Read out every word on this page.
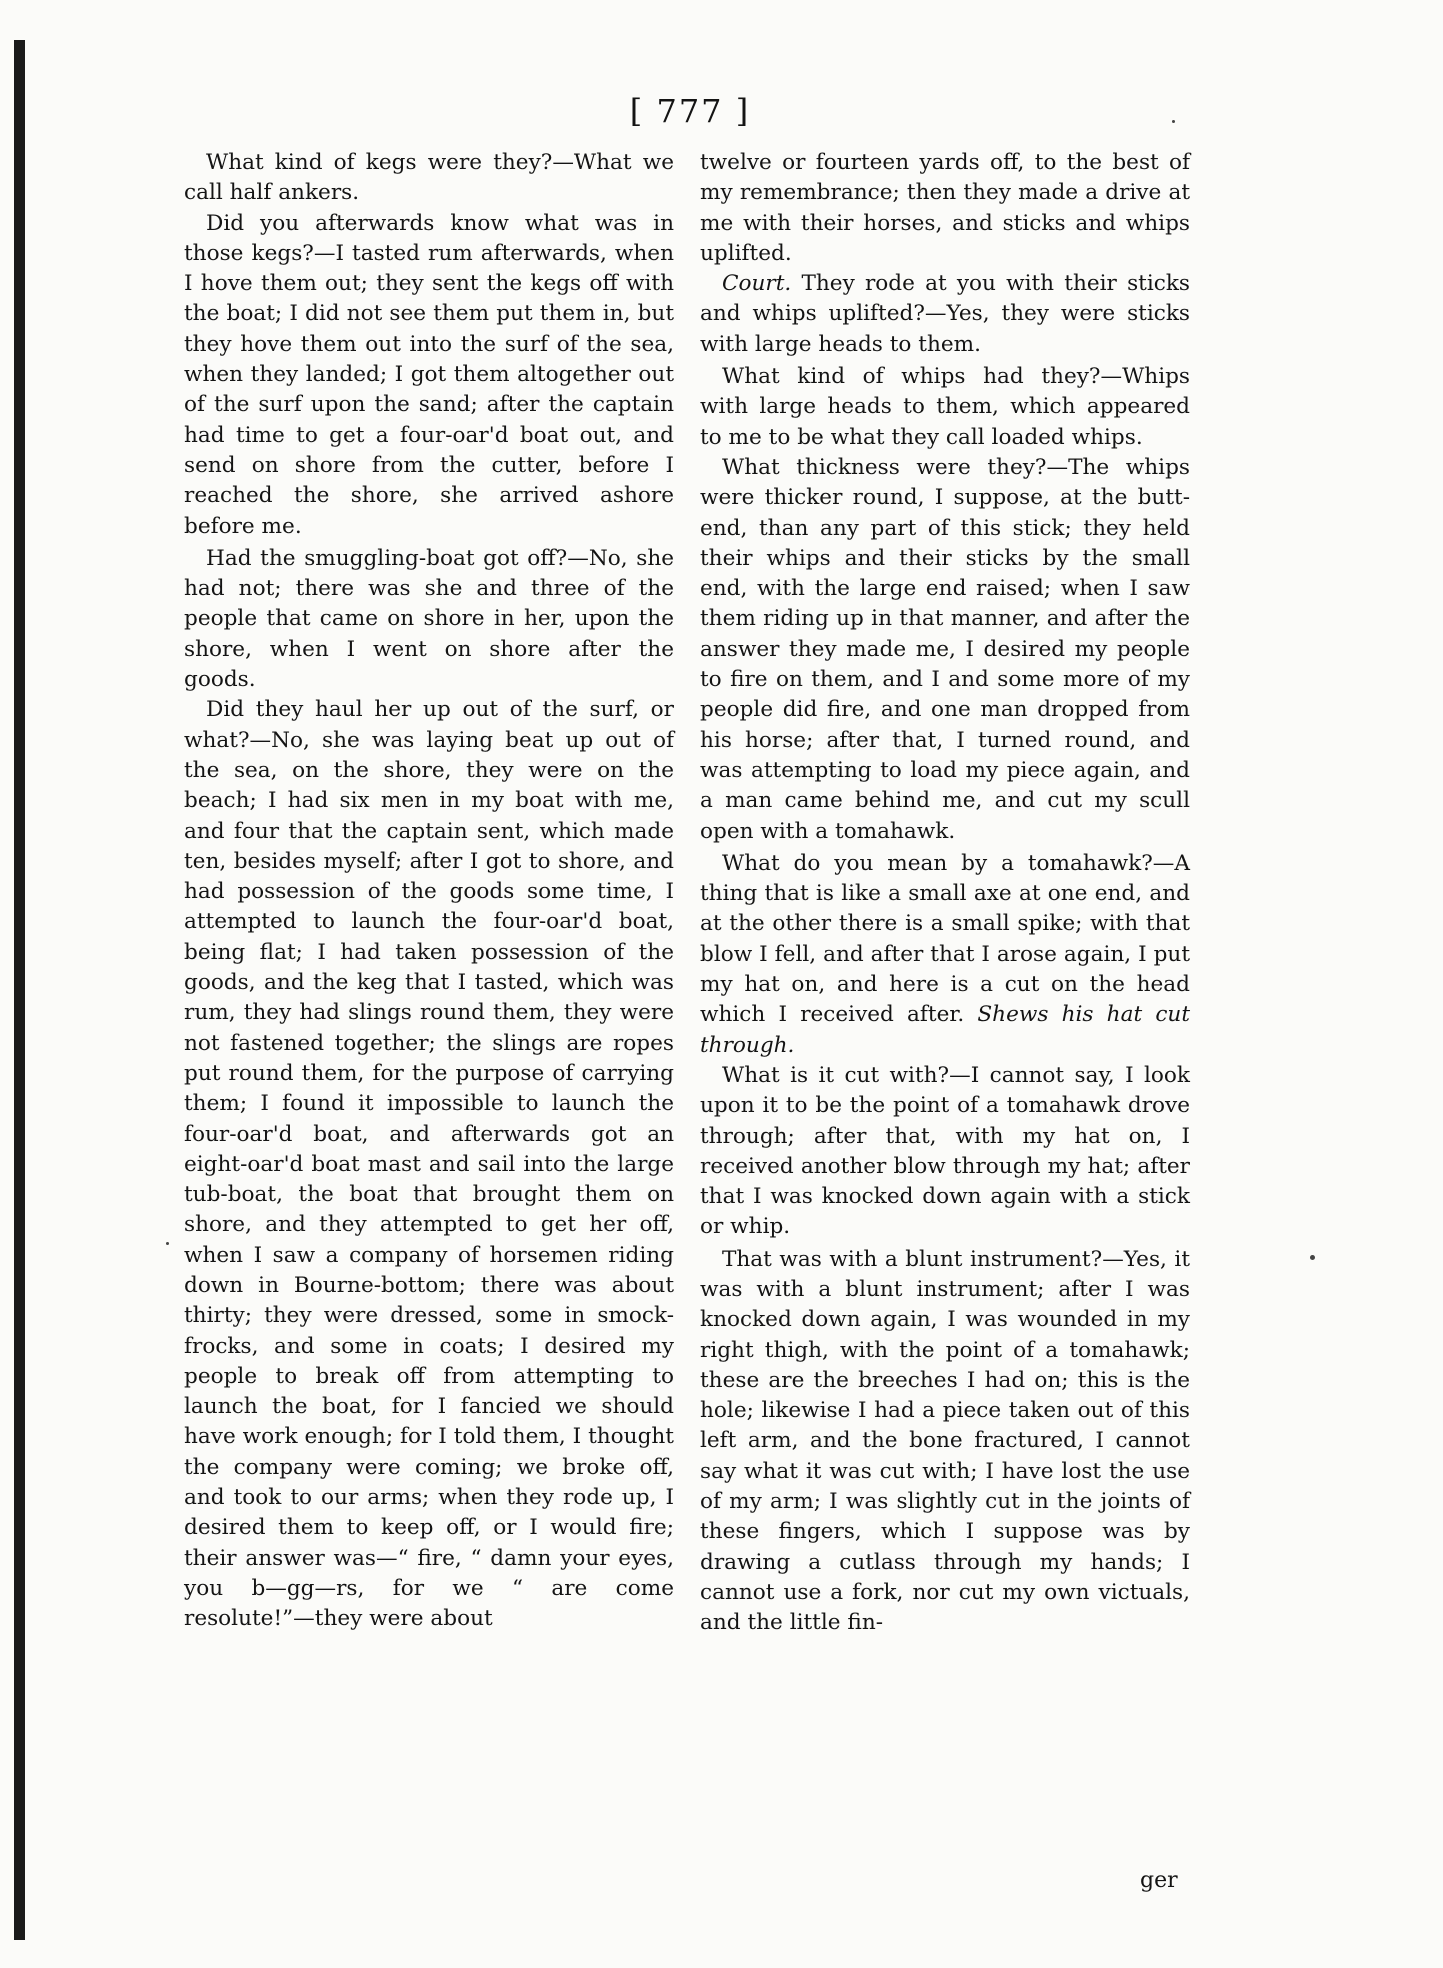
[ 777 ]

What kind of kegs were they?—What we call half ankers.

Did you afterwards know what was in those kegs?—I tasted rum afterwards, when I hove them out; they sent the kegs off with the boat; I did not see them put them in, but they hove them out into the surf of the sea, when they landed; I got them altogether out of the surf upon the sand; after the captain had time to get a four-oar'd boat out, and send on shore from the cutter, before I reached the shore, she arrived ashore before me.

Had the smuggling-boat got off?—No, she had not; there was she and three of the people that came on shore in her, upon the shore, when I went on shore after the goods.

Did they haul her up out of the surf, or what?—No, she was laying beat up out of the sea, on the shore, they were on the beach; I had six men in my boat with me, and four that the captain sent, which made ten, besides myself; after I got to shore, and had possession of the goods some time, I attempted to launch the four-oar'd boat, being flat; I had taken possession of the goods, and the keg that I tasted, which was rum, they had slings round them, they were not fastened together; the slings are ropes put round them, for the purpose of carrying them; I found it impossible to launch the four-oar'd boat, and afterwards got an eight-oar'd boat mast and sail into the large tub-boat, the boat that brought them on shore, and they attempted to get her off, when I saw a company of horsemen riding down in Bourne-bottom; there was about thirty; they were dressed, some in smock-frocks, and some in coats; I desired my people to break off from attempting to launch the boat, for I fancied we should have work enough; for I told them, I thought the company were coming; we broke off, and took to our arms; when they rode up, I desired them to keep off, or I would fire; their answer was—“ fire, “ damn your eyes, you b—gg—rs, for we “ are come resolute!”—they were about

twelve or fourteen yards off, to the best of my remembrance; then they made a drive at me with their horses, and sticks and whips uplifted.

Court. They rode at you with their sticks and whips uplifted?—Yes, they were sticks with large heads to them.

What kind of whips had they?—Whips with large heads to them, which appeared to me to be what they call loaded whips.

What thickness were they?—The whips were thicker round, I suppose, at the butt-end, than any part of this stick; they held their whips and their sticks by the small end, with the large end raised; when I saw them riding up in that manner, and after the answer they made me, I desired my people to fire on them, and I and some more of my people did fire, and one man dropped from his horse; after that, I turned round, and was attempting to load my piece again, and a man came behind me, and cut my scull open with a tomahawk.

What do you mean by a tomahawk?—A thing that is like a small axe at one end, and at the other there is a small spike; with that blow I fell, and after that I arose again, I put my hat on, and here is a cut on the head which I received after. Shews his hat cut through.

What is it cut with?—I cannot say, I look upon it to be the point of a tomahawk drove through; after that, with my hat on, I received another blow through my hat; after that I was knocked down again with a stick or whip.

That was with a blunt instrument?—Yes, it was with a blunt instrument; after I was knocked down again, I was wounded in my right thigh, with the point of a tomahawk; these are the breeches I had on; this is the hole; likewise I had a piece taken out of this left arm, and the bone fractured, I cannot say what it was cut with; I have lost the use of my arm; I was slightly cut in the joints of these fingers, which I suppose was by drawing a cutlass through my hands; I cannot use a fork, nor cut my own victuals, and the little fin-

ger
